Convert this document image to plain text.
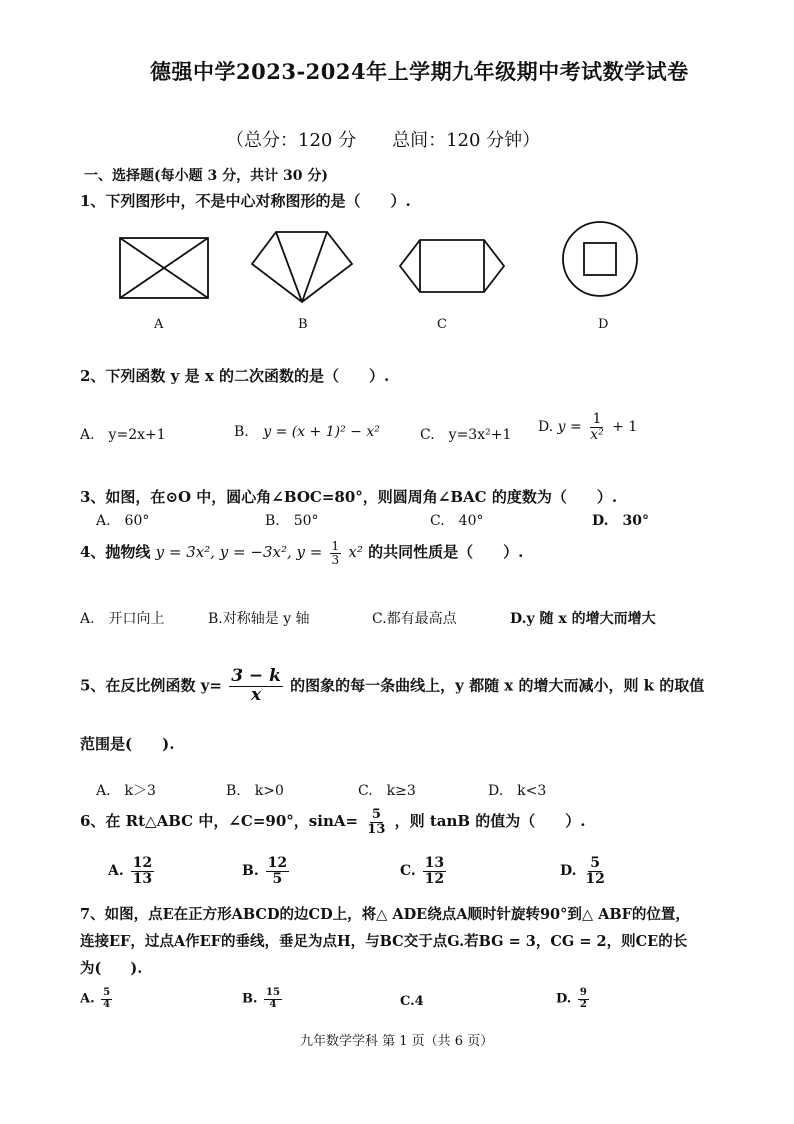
德强中学2023-2024年上学期九年级期中考试数学试卷
（总分：120 分　　总间：120 分钟）
一、选择题(每小题 3 分，共计 30 分)
1、下列图形中，不是中心对称图形的是（　　）.
A	B	C	D
2、下列函数 y 是 x 的二次函数的是（　　）.
A.　y=2x+1	B. y = (x + 1)² − x²	C.　y=3x²+1 D. $y = \frac{1}{\text{x²}} + 1$
3、如图，在⊙O 中，圆心角∠BOC=80°，则圆周角∠BAC 的度数为（　　）.
A.　60°	B.　50°	C.　40°	D.　30°
4、抛物线 y = 3x², y = −3x², $y = \frac{1}{3} x^2$ 的共同性质是（　　）.
A.　开口向上	B.对称轴是 y 轴	C.都有最高点	D.y 随 x 的增大而增大
5、在反比例函数 $y= \frac{3 - k}{x}$ 的图象的每一条曲线上，y 都随 x 的增大而减小，则 k 的取值
范围是(　　).
A.　k＞3	B.　k>0	C.　k≥3	D.　k<3
6、在 Rt△ABC 中，∠C=90°，$\sin A= \frac{5}{13}$ ，则 tanB 的值为（　　）.
A. $\frac{12}{13}$	B. $\frac{12}{5}$	C. $\frac{13}{12}$	D. $\frac{5}{12}$
7、如图，点E在正方形ABCD的边CD上，将△ ADE绕点A顺时针旋转90°到△ ABF的位置，
连接EF，过点A作EF的垂线，垂足为点H，与BC交于点G.若BG = 3，CG = 2，则CE的长
为(　　).
A. $\frac{5}{4}$	B. $\frac{15}{4}$	C.4	D. $\frac{9}{2}$
九年数学学科 第 1 页（共 6 页）
